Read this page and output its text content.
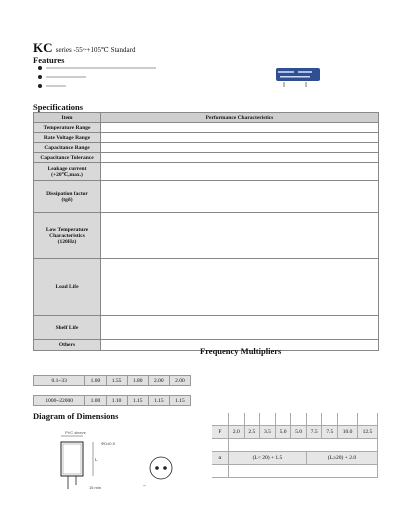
KC series -55~+105℃ Standard
Features
Specifications
Item	Performance Characteristics
Temperature Range	
Rate Voltage Range	
Capacitance Range	
Capacitance Tolerance	

Leakage current
(+20℃,max.)	

Dissipation factor
(tgδ)	

Low Temperature
Characteristics
(120Hz)	

Load Life	
Shelf Life	
Others	
Frequency Multipliers

0.1~33	1.00	1.55	1.80	2.00	2.00

1000~22000	1.00	1.10	1.15	1.15	1.15
Diagram of Dimensions
PVC sleeve
L
ΦD±0.5
15 min	−

F	2.0	2.5	3.5	5.0	5.0	7.5	7.5	10.0	12.5

α	(L< 20) + 1.5					(L≥20) + 2.0			
